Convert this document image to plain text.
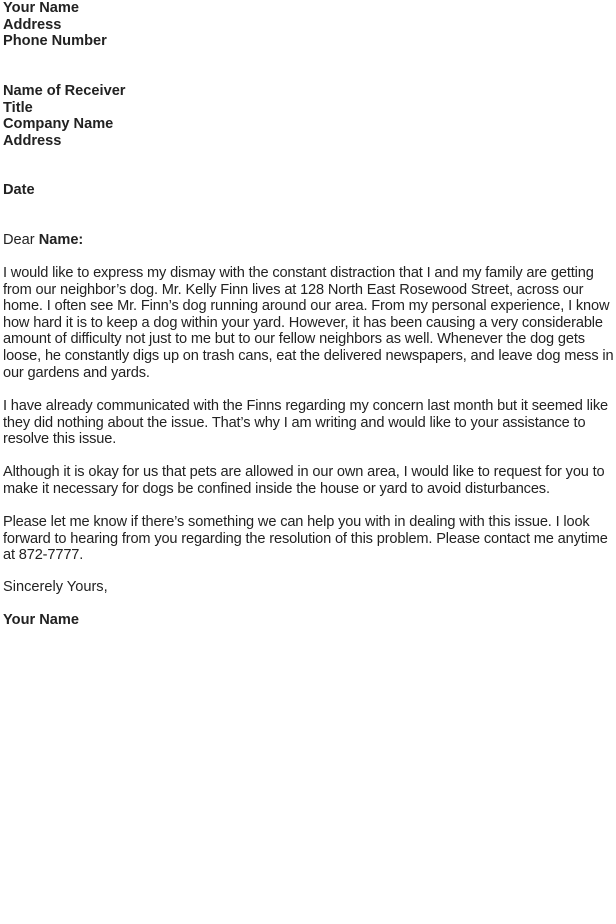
Your Name
Address
Phone Number
Name of Receiver
Title
Company Name
Address
Date
Dear Name:

I would like to express my dismay with the constant distraction that I and my family are getting from our neighbor’s dog. Mr. Kelly Finn lives at 128 North East Rosewood Street, across our home. I often see Mr. Finn’s dog running around our area. From my personal experience, I know how hard it is to keep a dog within your yard. However, it has been causing a very considerable amount of difficulty not just to me but to our fellow neighbors as well. Whenever the dog gets loose, he constantly digs up on trash cans, eat the delivered newspapers, and leave dog mess in our gardens and yards.

I have already communicated with the Finns regarding my concern last month but it seemed like they did nothing about the issue. That’s why I am writing and would like to your assistance to resolve this issue.

Although it is okay for us that pets are allowed in our own area, I would like to request for you to make it necessary for dogs be confined inside the house or yard to avoid disturbances.

Please let me know if there’s something we can help you with in dealing with this issue. I look forward to hearing from you regarding the resolution of this problem. Please contact me anytime at 872-7777.

Sincerely Yours,
Your Name
